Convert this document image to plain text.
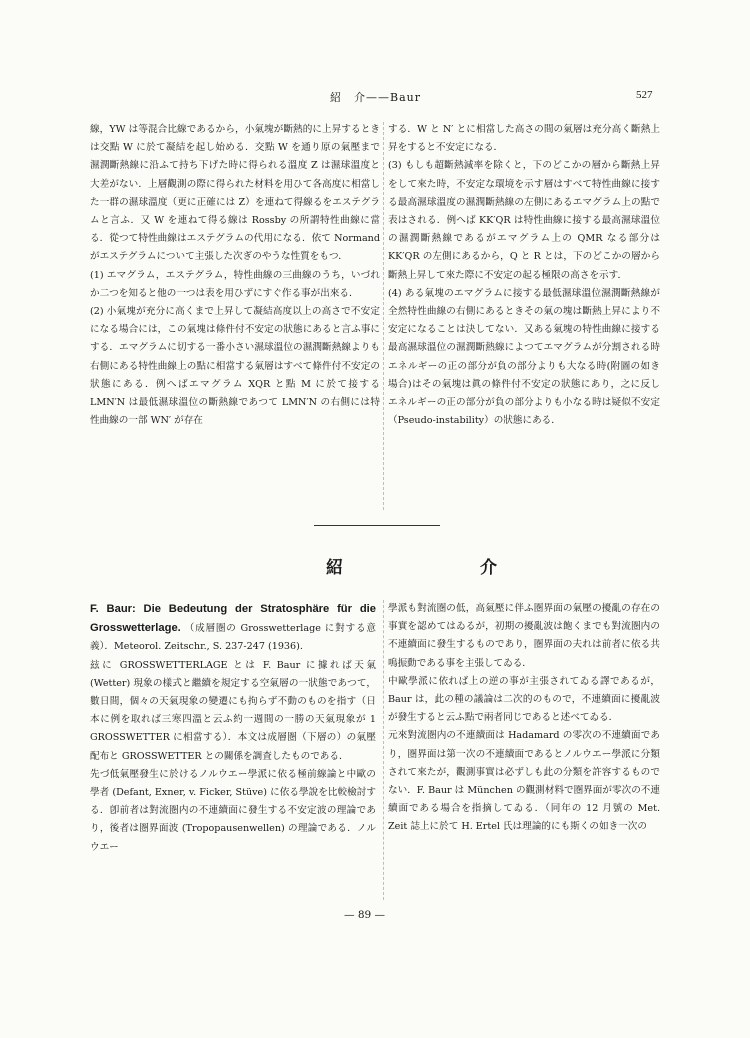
紹　介——Baur	527

線，YW は等混合比線であるから，小氣塊が斷熱的に上昇するときは交點 W に於て凝結を起し始める．交點 W を通り原の氣壓まで濕潤斷熱線に沿ふて持ち下げた時に得られる溫度 Z は濕球溫度と大差がない．上層觀測の際に得られた材料を用ひて各高度に相當した一群の濕球溫度（更に正確には Z）を連ねて得線るをエステグラムと言ふ．又 W を連ねて得る線は Rossby の所謂特性曲線に當る．從つて特性曲線はエステグラムの代用になる．依て Normand がエステグラムについて主張した次ぎのやうな性質をもつ．

(1) エマグラム，エステグラム，特性曲線の三曲線のうち，いづれか二つを知ると他の一つは表を用ひずにすぐ作る事が出來る．

(2) 小氣塊が充分に高くまで上昇して凝結高度以上の高さで不安定になる場合には，この氣塊は條件付不安定の狀態にあると言ふ事にする．エマグラムに切する一番小さい濕球溫位の濕潤斷熱線よりも右側にある特性曲線上の點に相當する氣層はすべて條件付不安定の狀態にある．例へばエマグラム XQR と點 M に於て接する LMN′N は最低濕球溫位の斷熱線であつて LMN′N の右側には特性曲線の一部 WN′ が存在

する．W と N′ とに相當した高さの間の氣層は充分高く斷熱上昇をすると不安定になる．

(3) もしも超斷熱減率を除くと，下のどこかの層から斷熱上昇をして來た時，不安定な環境を示す層はすべて特性曲線に接する最高濕球溫度の濕潤斷熱線の左側にあるエマグラム上の點で表はされる．例へば KK′QR は特性曲線に接する最高濕球溫位の濕潤斷熱線であるがエマグラム上の QMR なる部分は KK′QR の左側にあるから，Q と R とは，下のどこかの層から斷熱上昇して來た際に不安定の起る極限の高さを示す．

(4) ある氣塊のエマグラムに接する最低濕球溫位濕潤斷熱線が全然特性曲線の右側にあるときその氣の塊は斷熱上昇により不安定になることは決してない．又ある氣塊の特性曲線に接する最高濕球溫位の濕潤斷熱線によつてエマグラムが分割される時エネルギーの正の部分が負の部分よりも大なる時(附圖の如き場合)はその氣塊は眞の條件付不安定の狀態にあり，之に反しエネルギーの正の部分が負の部分よりも小なる時は疑似不安定（Pseudo-instability）の狀態にある．

紹　介

F. Baur: Die Bedeutung der Stratosphäre für die Grosswetterlage. （成層圏の Grosswetterlage に對する意義）．Meteorol. Zeitschr., S. 237-247 (1936).

玆に GROSSWETTERLAGE とは F. Baur に據れば天氣 (Wetter) 現象の樣式と繼續を規定する空氣層の一狀態であつて，數日間，個々の天氣現象の變遷にも拘らず不動のものを指す（日本に例を取れば三寒四溫と云ふ約一週間の一勝の天氣現象が 1 GROSSWETTER に相當する）．本文は成層圏（下層の）の氣壓配布と GROSSWETTER との關係を調査したものである．

先づ低氣壓發生に於けるノルウエー學派に依る極前線論と中歐の學者 (Defant, Exner, v. Ficker, Stüve) に依る學說を比較檢討する．卽前者は對流圏内の不連續面に發生する不安定波の理論であり，後者は圏界面波 (Tropopausenwellen) の理論である．ノルウエー

學派も對流圏の低，高氣壓に伴ふ圏界面の氣壓の擾亂の存在の事實を認めてはゐるが，初期の擾亂波は飽くまでも對流圏内の不連續面に發生するものであり，圏界面の夫れは前者に依る共鳴振動である事を主張してゐる．

中歐學派に依れば上の逆の事が主張されてゐる譯であるが，Baur は，此の種の議論は二次的のもので，不連續面に擾亂波が發生すると云ふ點で兩者同じであると述べてゐる．

元來對流圏内の不連續面は Hadamard の零次の不連續面であり，圏界面は第一次の不連續面であるとノルウエー學派に分類されて來たが，觀測事實は必ずしも此の分類を許容するものでない．F. Baur は München の觀測材料で圏界面が零次の不連續面である場合を指摘してゐる．（同年の 12 月號の Met. Zeit 誌上に於て H. Ertel 氏は理論的にも斯くの如き一次の

— 89 —
